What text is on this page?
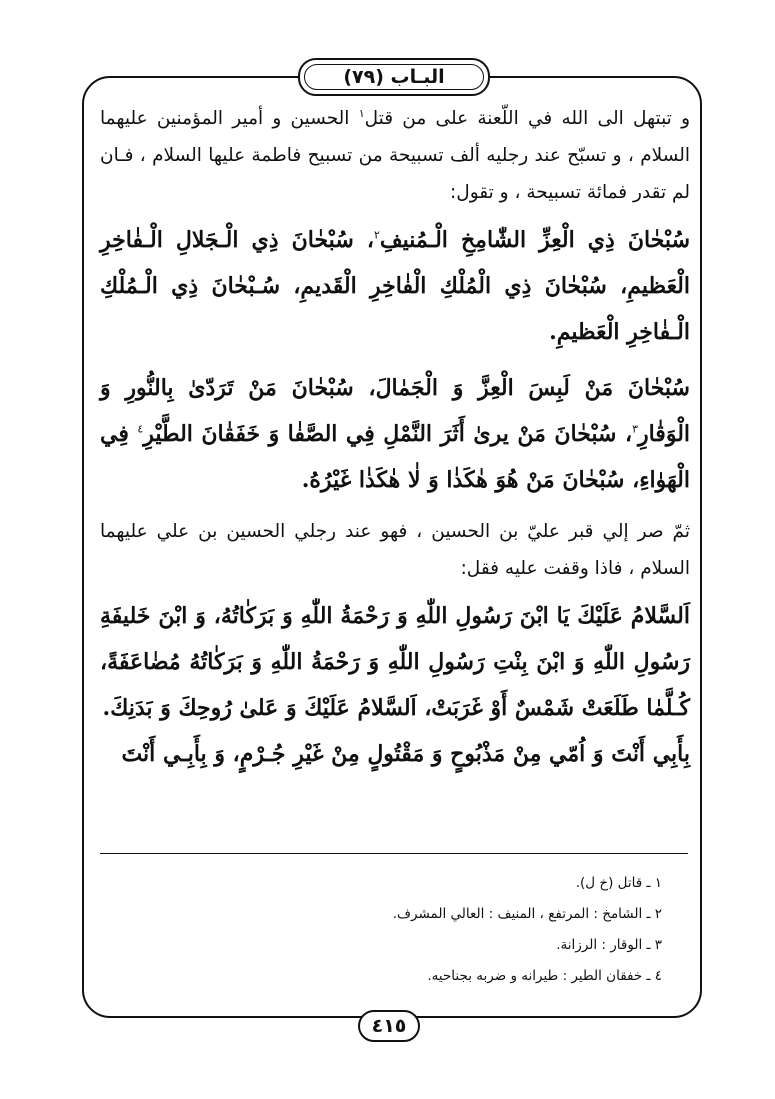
البـاب (٧٩)

و تبتهل الى الله في اللّعنة على من قتل$^١$ الحسين و أمير المؤمنين عليهما السلام ، و تسبّح عند رجليه ألف تسبيحة من تسبيح فاطمة عليها السلام ، فـان لم تقدر فمائة تسبيحة ، و تقول:

سُبْحٰانَ ذِي الْعِزِّ الشّٰامِخِ الْـمُنيفِ$^٢$، سُبْحٰانَ ذِي الْـجَلالِ الْـفٰاخِرِ الْعَظيمِ، سُبْحٰانَ ذِي الْمُلْكِ الْفٰاخِرِ الْقَديمِ، سُـبْحٰانَ ذِي الْـمُلْكِ الْـفٰاخِرِ الْعَظيمِ.

سُبْحٰانَ مَنْ لَبِسَ الْعِزَّ وَ الْجَمٰالَ، سُبْحٰانَ مَنْ تَرَدّىٰ بِالنُّورِ وَ الْوَقٰارِ$^٣$، سُبْحٰانَ مَنْ يرىٰ أَثَرَ النَّمْلِ فِي الصَّفٰا وَ خَفَقٰانَ الطَّيْرِ$^٤$ فِي الْهَوٰاءِ، سُبْحٰانَ مَنْ هُوَ هٰكَذٰا وَ لٰا هٰكَذٰا غَيْرُهُ.

ثمّ صر إلي قبر عليّ بن الحسين ، فهو عند رجلي الحسين بن علي عليهما السلام ، فاذا وقفت عليه فقل:

اَلسَّلامُ عَلَيْكَ يَا ابْنَ رَسُولِ اللّٰهِ وَ رَحْمَةُ اللّٰهِ وَ بَرَكٰاتُهُ، وَ ابْنَ خَليفَةِ رَسُولِ اللّٰهِ وَ ابْنَ بِنْتِ رَسُولِ اللّٰهِ وَ رَحْمَةُ اللّٰهِ وَ بَرَكٰاتُهُ مُضٰاعَفَةً، كُـلَّمٰا طَلَعَتْ شَمْسٌ أَوْ غَرَبَتْ، اَلسَّلامُ عَلَيْكَ وَ عَلىٰ رُوحِكَ وَ بَدَنِكَ.

بِأَبِي أَنْتَ وَ اُمّي مِنْ مَذْبُوحٍ وَ مَقْتُولٍ مِنْ غَيْرِ جُـرْمٍ، وَ بِأَبِـي أَنْتَ

١ ـ قاتل (خ ل).
٢ ـ الشامخ : المرتفع ، المنيف : العالي المشرف.
٣ ـ الوقار : الرزانة.
٤ ـ خفقان الطير : طيرانه و ضربه بجناحيه.
٤١٥
